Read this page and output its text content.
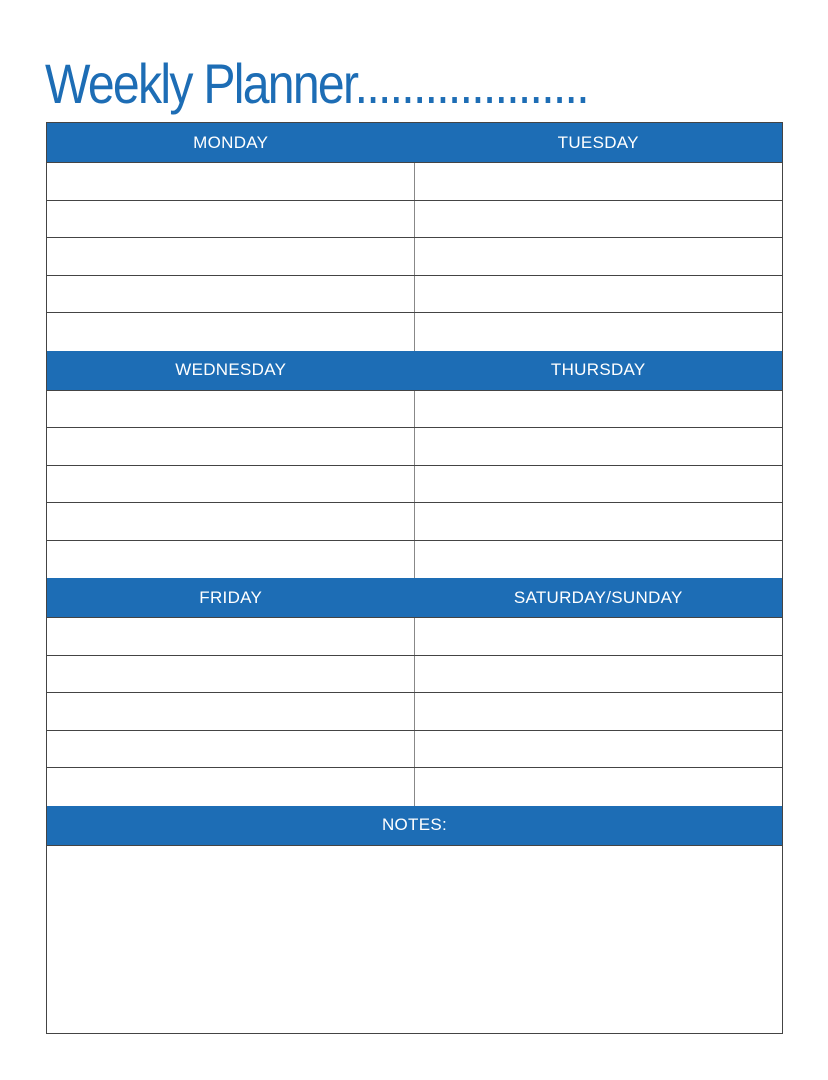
Weekly Planner....................
MONDAY	TUESDAY
WEDNESDAY	THURSDAY
FRIDAY	SATURDAY/SUNDAY
NOTES:
